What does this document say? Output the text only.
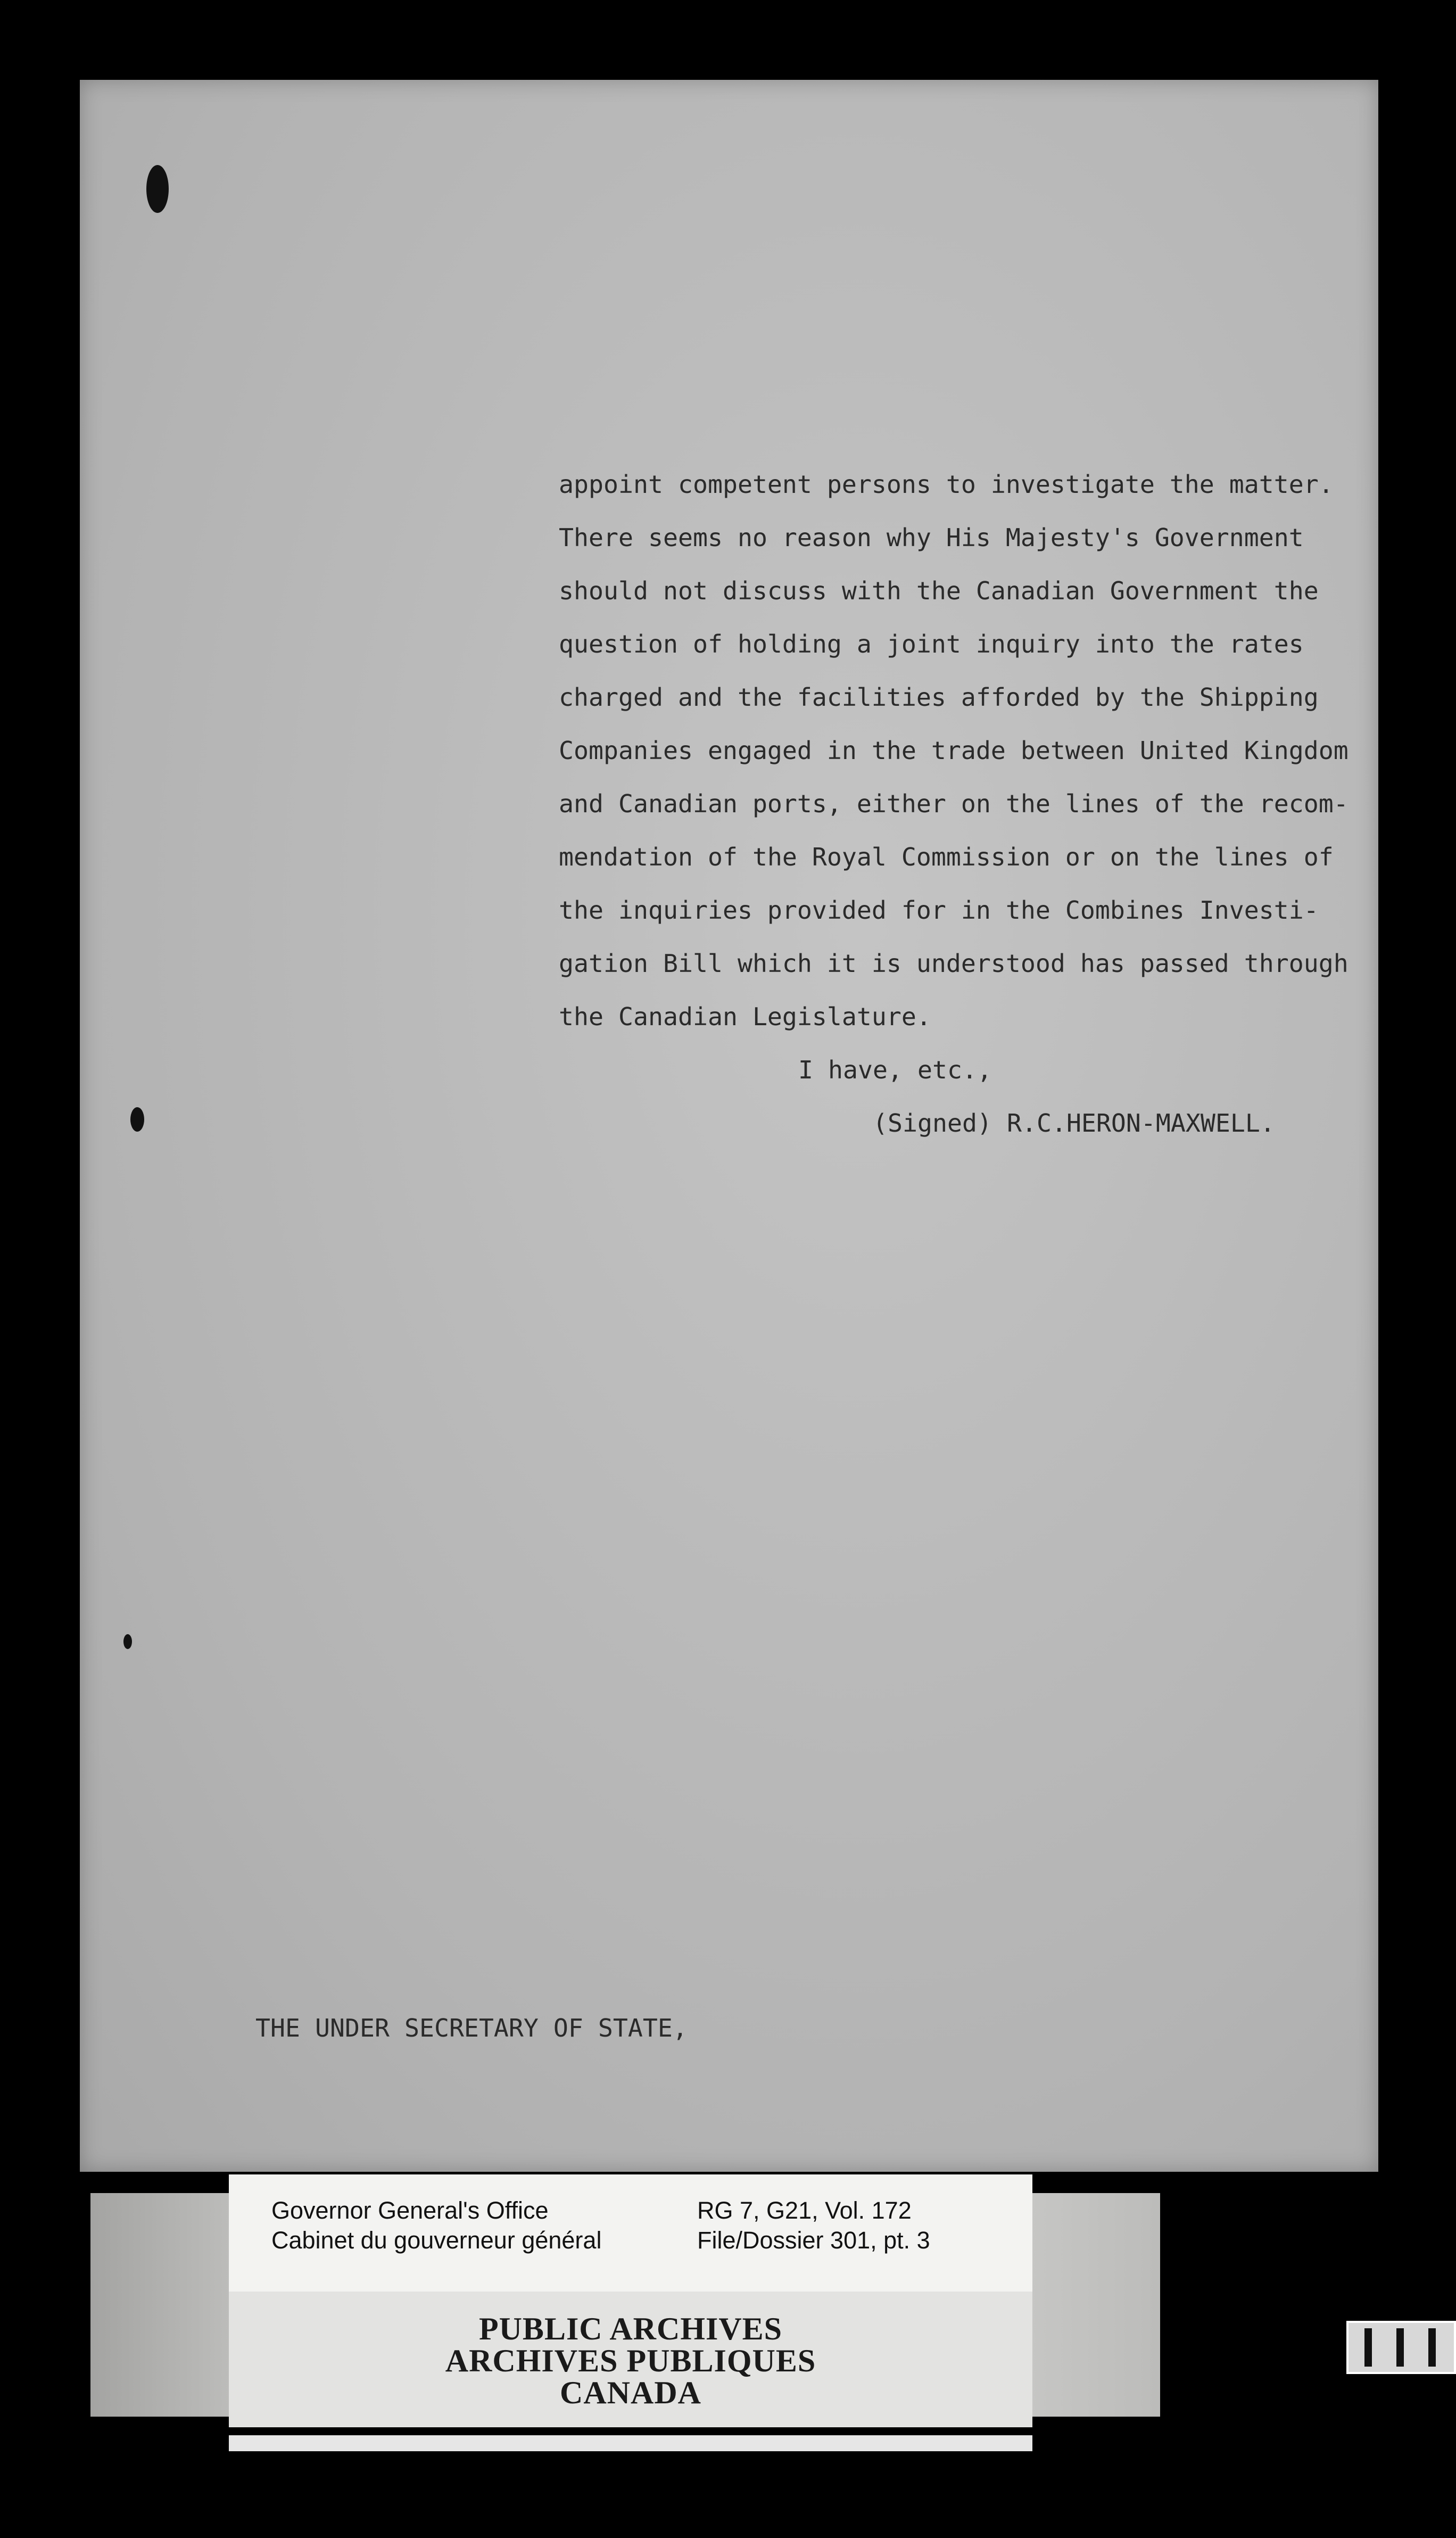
appoint competent persons to investigate the matter.
There seems no reason why His Majesty's Government
should not discuss with the Canadian Government the
question of holding a joint inquiry into the rates
charged and the facilities afforded by the Shipping
Companies engaged in the trade between United Kingdom
and Canadian ports, either on the lines of the recom-
mendation of the Royal Commission or on the lines of
the inquiries provided for in the Combines Investi-
gation Bill which it is understood has passed through
the Canadian Legislature.
I have, etc.,
(Signed) R.C.HERON-MAXWELL.

THE UNDER SECRETARY OF STATE,

Governor General's Office
Cabinet du gouverneur général
RG 7, G21, Vol. 172
File/Dossier 301, pt. 3
PUBLIC ARCHIVES
ARCHIVES PUBLIQUES
CANADA
